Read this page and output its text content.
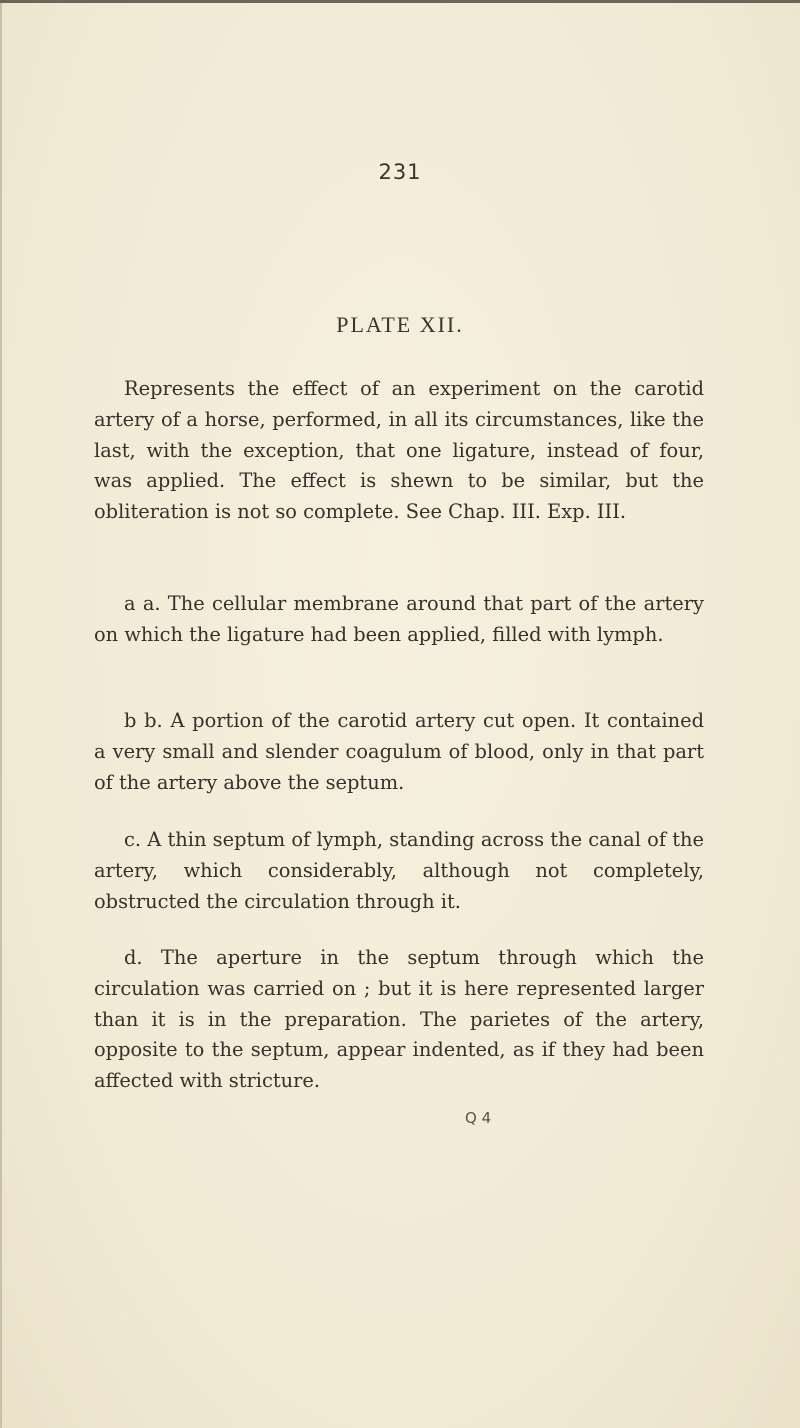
231
PLATE XII.
Represents the effect of an experiment on the carotid artery of a horse, performed, in all its circumstances, like the last, with the exception, that one ligature, instead of four, was applied. The effect is shewn to be similar, but the obliteration is not so complete. See Chap. III. Exp. III.
a a. The cellular membrane around that part of the artery on which the ligature had been applied, filled with lymph.
b b. A portion of the carotid artery cut open. It contained a very small and slender coagulum of blood, only in that part of the artery above the septum.
c. A thin septum of lymph, standing across the canal of the artery, which considerably, although not completely, obstructed the circulation through it.
d. The aperture in the septum through which the circulation was carried on ; but it is here represented larger than it is in the preparation. The parietes of the artery, opposite to the septum, appear indented, as if they had been affected with stricture.
Q 4
